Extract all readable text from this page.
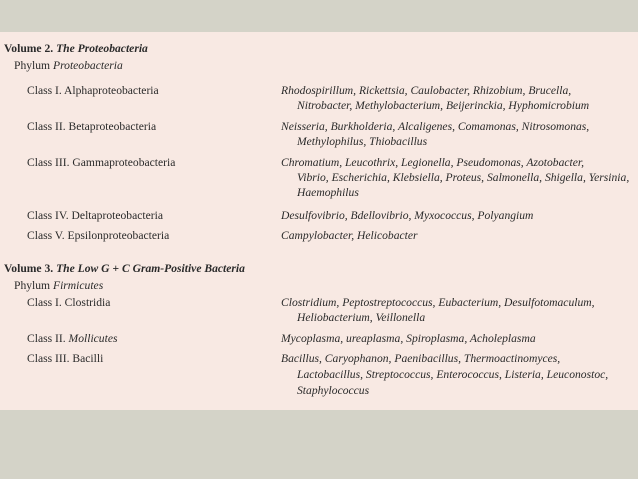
Volume 2. The Proteobacteria
Phylum Proteobacteria
Class I. Alphaproteobacteria	Rhodospirillum, Rickettsia, Caulobacter, Rhizobium, Brucella,
Nitrobacter, Methylobacterium, Beijerinckia, Hyphomicrobium
Class II. Betaproteobacteria	Neisseria, Burkholderia, Alcaligenes, Comamonas, Nitrosomonas,
Methylophilus, Thiobacillus
Class III. Gammaproteobacteria	Chromatium, Leucothrix, Legionella, Pseudomonas, Azotobacter,
Vibrio, Escherichia, Klebsiella, Proteus, Salmonella, Shigella, Yersinia,
Haemophilus
Class IV. Deltaproteobacteria	Desulfovibrio, Bdellovibrio, Myxococcus, Polyangium
Class V. Epsilonproteobacteria	Campylobacter, Helicobacter
Volume 3. The Low G + C Gram-Positive Bacteria
Phylum Firmicutes
Class I. Clostridia	Clostridium, Peptostreptococcus, Eubacterium, Desulfotomaculum,
Heliobacterium, Veillonella
Class II. Mollicutes	Mycoplasma, ureaplasma, Spiroplasma, Acholeplasma
Class III. Bacilli	Bacillus, Caryophanon, Paenibacillus, Thermoactinomyces,
Lactobacillus, Streptococcus, Enterococcus, Listeria, Leuconostoc,
Staphylococcus
